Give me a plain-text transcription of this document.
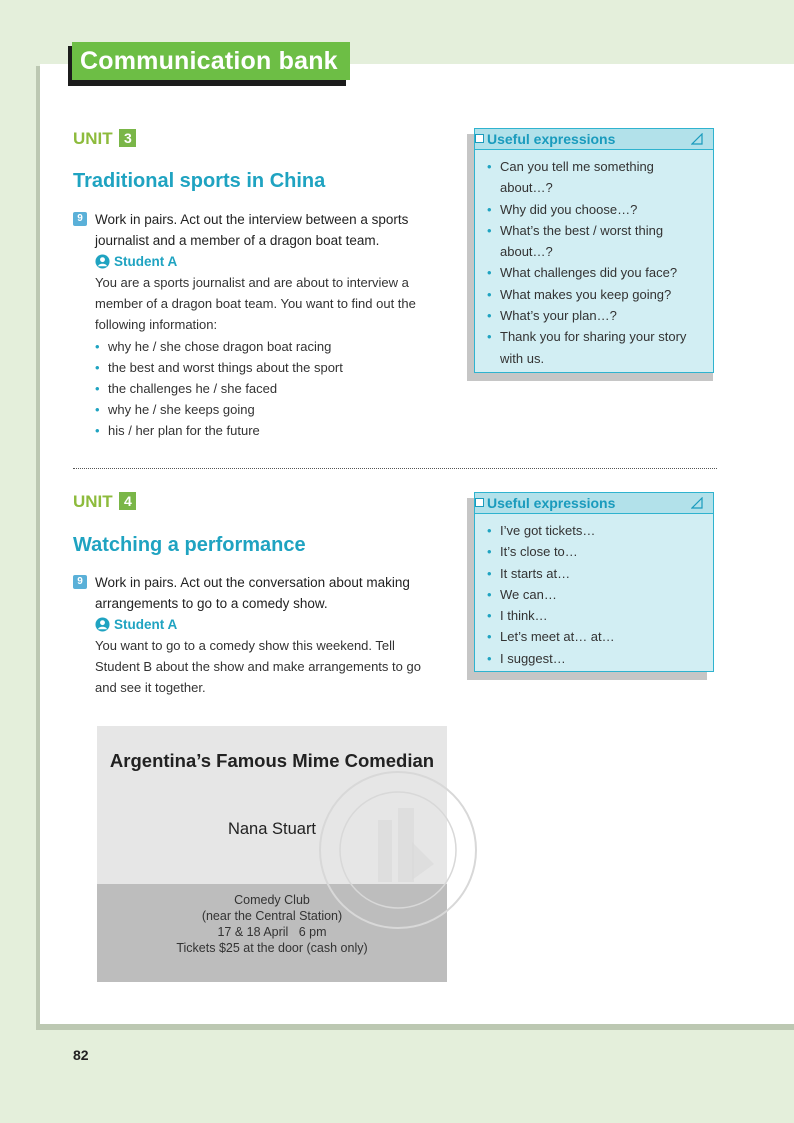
Communication bank
UNIT 3
Traditional sports in China
9 Work in pairs. Act out the interview between a sports journalist and a member of a dragon boat team.
Student A
You are a sports journalist and are about to interview a member of a dragon boat team. You want to find out the following information:
• why he / she chose dragon boat racing
• the best and worst things about the sport
• the challenges he / she faced
• why he / she keeps going
• his / her plan for the future
Useful expressions
• Can you tell me something about…?
• Why did you choose…?
• What’s the best / worst thing about…?
• What challenges did you face?
• What makes you keep going?
• What’s your plan…?
• Thank you for sharing your story with us.
UNIT 4
Watching a performance
9 Work in pairs. Act out the conversation about making arrangements to go to a comedy show.
Student A
You want to go to a comedy show this weekend. Tell Student B about the show and make arrangements to go and see it together.
Useful expressions
• I’ve got tickets…
• It’s close to…
• It starts at…
• We can…
• I think…
• Let’s meet at… at…
• I suggest…
Argentina’s Famous Mime Comedian
Nana Stuart
Comedy Club
(near the Central Station)
17 & 18 April   6 pm
Tickets $25 at the door (cash only)
82
